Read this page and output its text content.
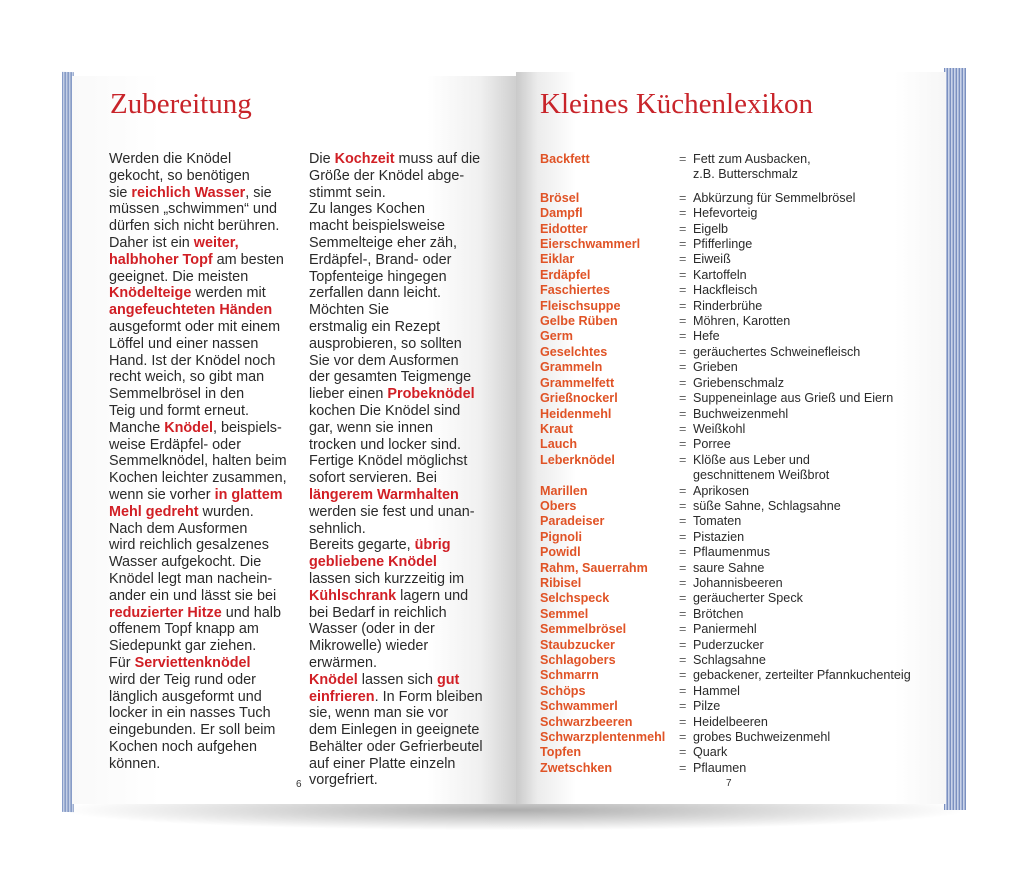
Zubereitung
Werden die Knödel
gekocht, so benötigen
sie reichlich Wasser, sie
müssen „schwimmen“ und
dürfen sich nicht berühren.
Daher ist ein weiter,
halbhoher Topf am besten
geeignet. Die meisten
Knödelteige werden mit
angefeuchteten Händen
ausgeformt oder mit einem
Löffel und einer nassen
Hand. Ist der Knödel noch
recht weich, so gibt man
Semmelbrösel in den
Teig und formt erneut.
Manche Knödel, beispiels-
weise Erdäpfel- oder
Semmelknödel, halten beim
Kochen leichter zusammen,
wenn sie vorher in glattem
Mehl gedreht wurden.
Nach dem Ausformen
wird reichlich gesalzenes
Wasser aufgekocht. Die
Knödel legt man nachein-
ander ein und lässt sie bei
reduzierter Hitze und halb
offenem Topf knapp am
Siedepunkt gar ziehen.
Für Serviettenknödel
wird der Teig rund oder
länglich ausgeformt und
locker in ein nasses Tuch
eingebunden. Er soll beim
Kochen noch aufgehen
können.
Die Kochzeit muss auf die
Größe der Knödel abge-
stimmt sein.
Zu langes Kochen
macht beispielsweise
Semmelteige eher zäh,
Erdäpfel-, Brand- oder
Topfenteige hingegen
zerfallen dann leicht.
Möchten Sie
erstmalig ein Rezept
ausprobieren, so sollten
Sie vor dem Ausformen
der gesamten Teigmenge
lieber einen Probeknödel
kochen Die Knödel sind
gar, wenn sie innen
trocken und locker sind.
Fertige Knödel möglichst
sofort servieren. Bei
längerem Warmhalten
werden sie fest und unan-
sehnlich.
Bereits gegarte, übrig
gebliebene Knödel
lassen sich kurzzeitig im
Kühlschrank lagern und
bei Bedarf in reichlich
Wasser (oder in der
Mikrowelle) wieder
erwärmen.
Knödel lassen sich gut
einfrieren. In Form bleiben
sie, wenn man sie vor
dem Einlegen in geeignete
Behälter oder Gefrierbeutel
auf einer Platte einzeln
vorgefriert.
6
Kleines Küchenlexikon
Backfett	= Fett zum Ausbacken,
z.B. Butterschmalz
Brösel	= Abkürzung für Semmelbrösel
Dampfl	= Hefevorteig
Eidotter	= Eigelb
Eierschwammerl	= Pfifferlinge
Eiklar	= Eiweiß
Erdäpfel	= Kartoffeln
Faschiertes	= Hackfleisch
Fleischsuppe	= Rinderbrühe
Gelbe Rüben	= Möhren, Karotten
Germ	= Hefe
Geselchtes	= geräuchertes Schweinefleisch
Grammeln	= Grieben
Grammelfett	= Griebenschmalz
Grießnockerl	= Suppeneinlage aus Grieß und Eiern
Heidenmehl	= Buchweizenmehl
Kraut	= Weißkohl
Lauch	= Porree
Leberknödel	= Klöße aus Leber und
geschnittenem Weißbrot
Marillen	= Aprikosen
Obers	= süße Sahne, Schlagsahne
Paradeiser	= Tomaten
Pignoli	= Pistazien
Powidl	= Pflaumenmus
Rahm, Sauerrahm	= saure Sahne
Ribisel	= Johannisbeeren
Selchspeck	= geräucherter Speck
Semmel	= Brötchen
Semmelbrösel	= Paniermehl
Staubzucker	= Puderzucker
Schlagobers	= Schlagsahne
Schmarrn	= gebackener, zerteilter Pfannkuchenteig
Schöps	= Hammel
Schwammerl	= Pilze
Schwarzbeeren	= Heidelbeeren
Schwarzplentenmehl	= grobes Buchweizenmehl
Topfen	= Quark
Zwetschken	= Pflaumen
7
